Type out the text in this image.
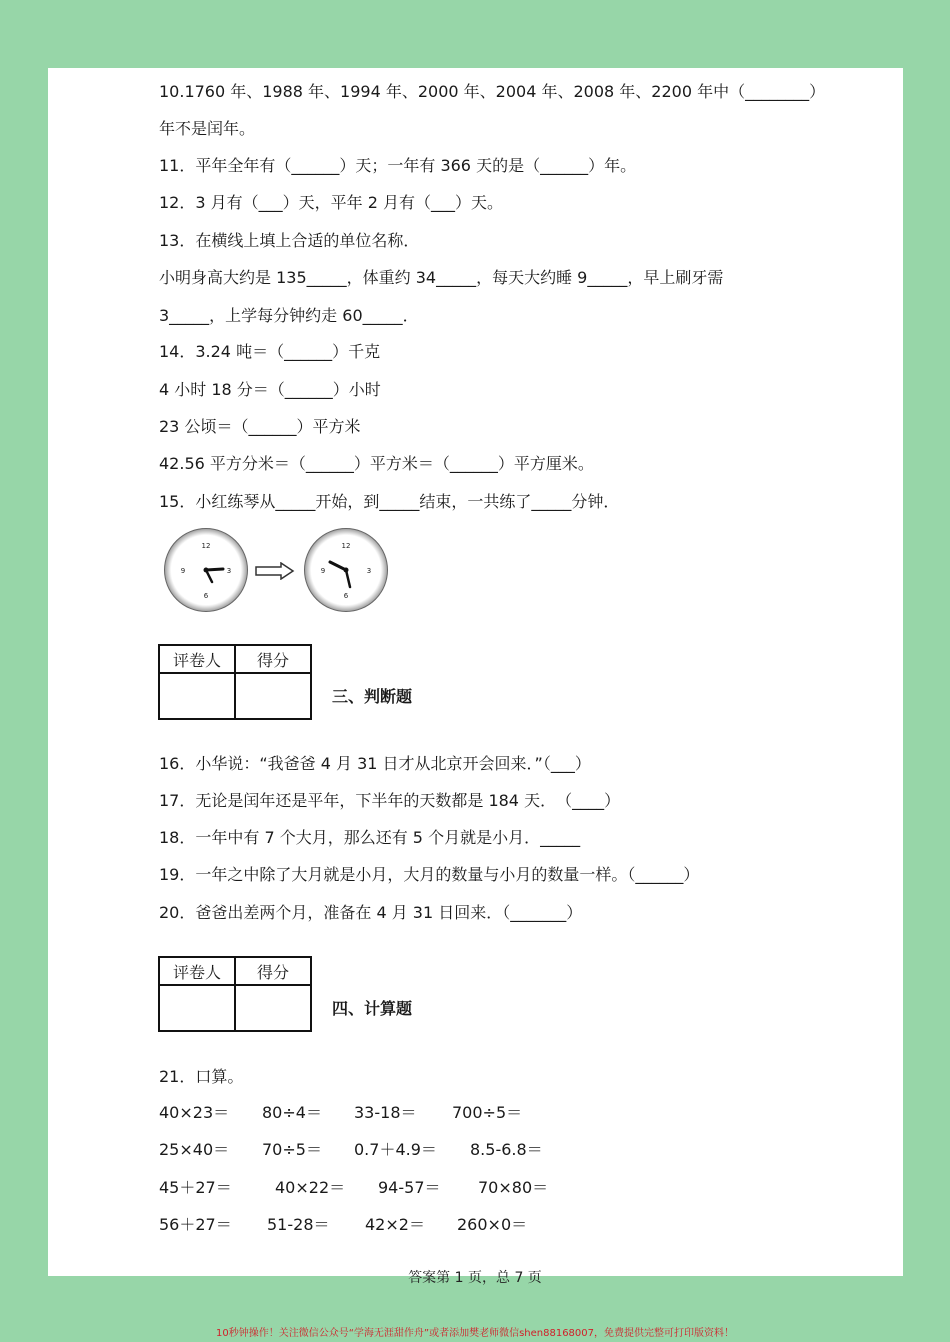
10.1760 年、1988 年、1994 年、2000 年、2004 年、2008 年、2200 年中（________）
年不是闰年。
11．平年全年有（______）天；一年有 366 天的是（______）年。
12．3 月有（___）天，平年 2 月有（___）天。
13．在横线上填上合适的单位名称．
小明身高大约是 135_____，体重约 34_____，每天大约睡 9_____，早上刷牙需
3_____，上学每分钟约走 60_____．
14．3.24 吨＝（______）千克
4 小时 18 分＝（______）小时
23 公顷＝（______）平方米
42.56 平方分米＝（______）平方米＝（______）平方厘米。
15．小红练琴从_____开始，到_____结束，一共练了_____分钟．
12
3
6
9
12
3
6
9
评卷人	得分

三、判断题
16．小华说：“我爸爸 4 月 31 日才从北京开会回来．”（___）
17．无论是闰年还是平年，下半年的天数都是 184 天．　（____）
18．一年中有 7 个大月，那么还有 5 个月就是小月．_____
19．一年之中除了大月就是小月，大月的数量与小月的数量一样。（______）
20．爸爸出差两个月，准备在 4 月 31 日回来．（_______）
评卷人	得分

四、计算题
21．口算。
40×23＝ 80÷4＝ 33-18＝ 700÷5＝
25×40＝ 70÷5＝ 0.7＋4.9＝ 8.5-6.8＝
45＋27＝	40×22＝ 94-57＝ 70×80＝
56＋27＝ 51-28＝ 42×2＝ 260×0＝
答案第 1 页，总 7 页
10秒钟操作！关注微信公众号“学海无涯甜作舟”或者添加樊老师微信shen88168007，免费提供完整可打印版资料！
